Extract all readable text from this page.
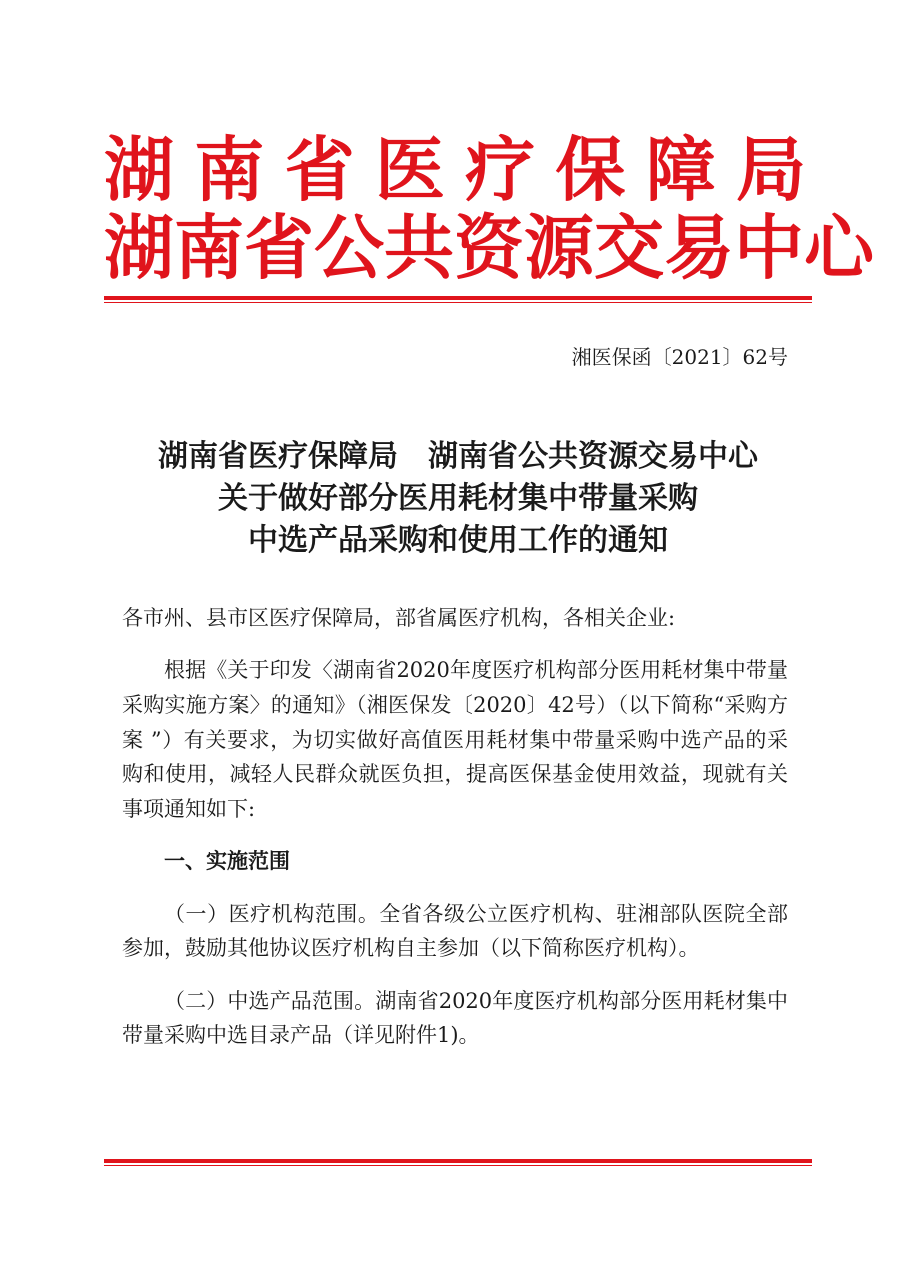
湖南省医疗保障局
湖南省公共资源交易中心
湘医保函〔2021〕62号
湖南省医疗保障局　湖南省公共资源交易中心
关于做好部分医用耗材集中带量采购
中选产品采购和使用工作的通知
各市州、县市区医疗保障局，部省属医疗机构，各相关企业:

根据《关于印发〈湖南省2020年度医疗机构部分医用耗材集中带量采购实施方案〉的通知》（湘医保发〔2020〕42号）（以下简称“采购方案 ”）有关要求，为切实做好高值医用耗材集中带量采购中选产品的采购和使用，减轻人民群众就医负担，提高医保基金使用效益，现就有关事项通知如下:

一、实施范围

（一）医疗机构范围。全省各级公立医疗机构、驻湘部队医院全部参加，鼓励其他协议医疗机构自主参加（以下简称医疗机构）。

（二）中选产品范围。湖南省2020年度医疗机构部分医用耗材集中带量采购中选目录产品（详见附件1)。
